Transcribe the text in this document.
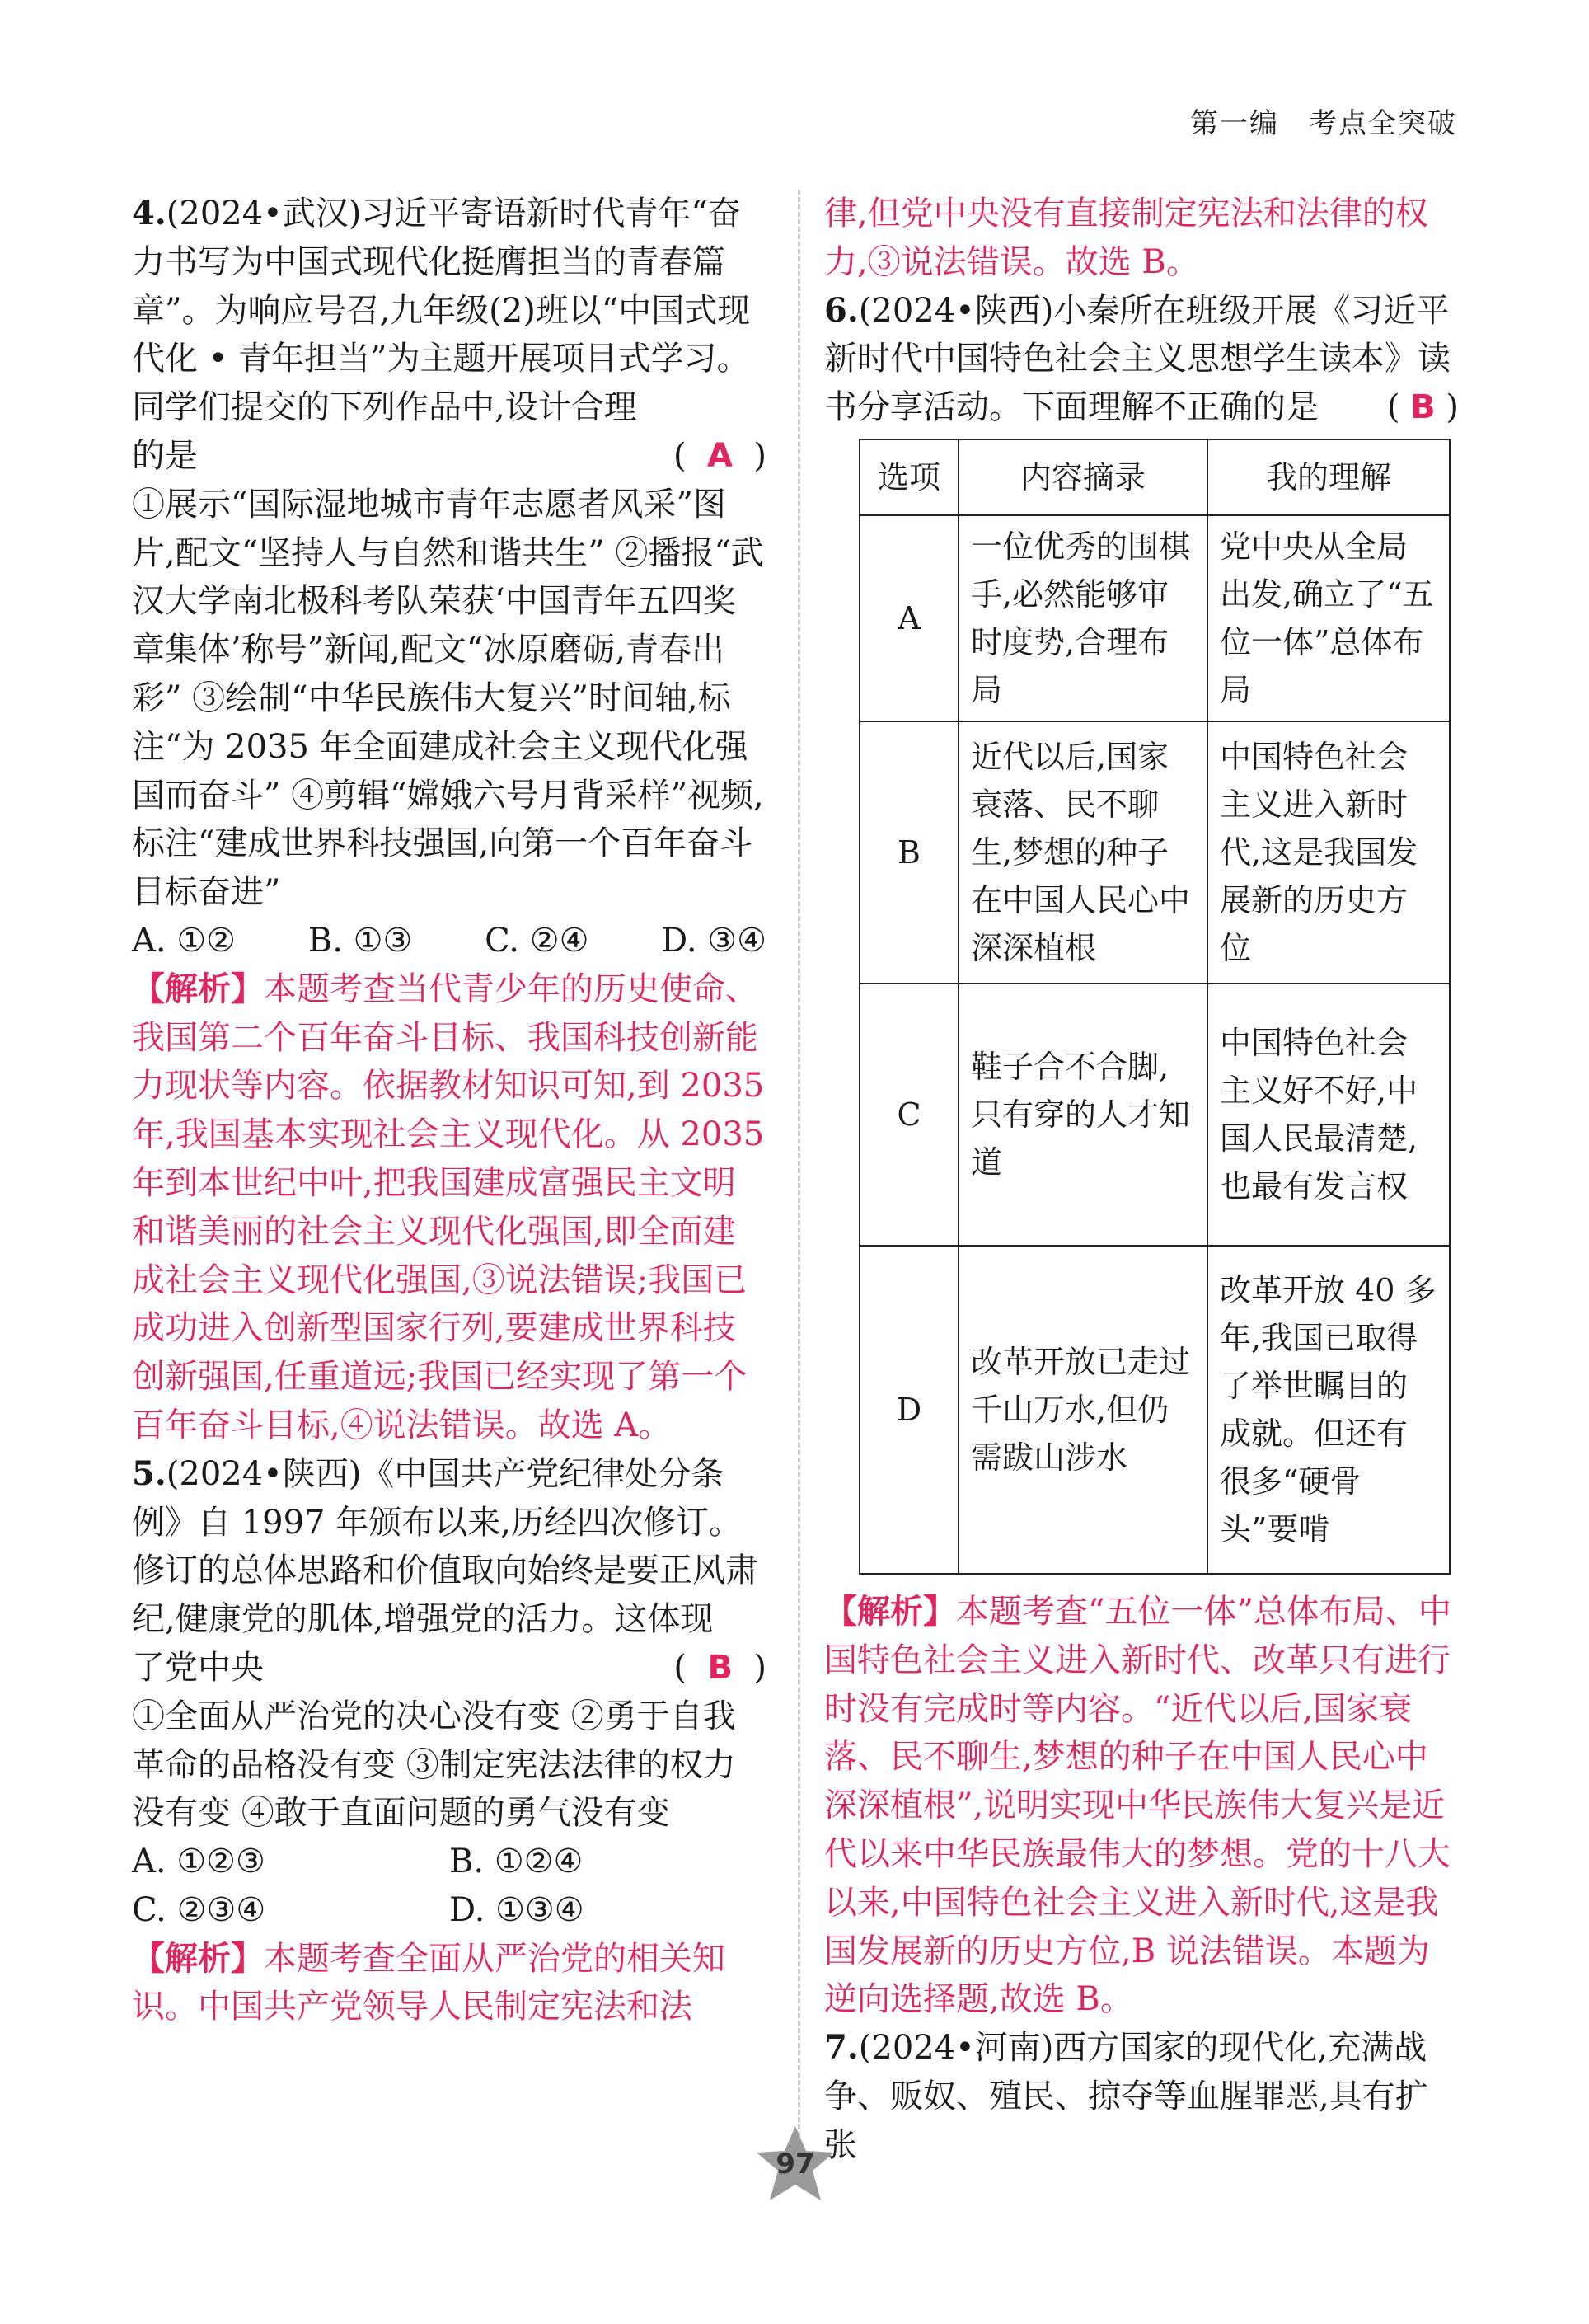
第一编 考点全突破
4.(2024•武汉)习近平寄语新时代青年“奋力书写为中国式现代化挺膺担当的青春篇章”。为响应号召,九年级(2)班以“中国式现代化 • 青年担当”为主题开展项目式学习。同学们提交的下列作品中,设计合理
的是	( A )
①展示“国际湿地城市青年志愿者风采”图片,配文“坚持人与自然和谐共生” ②播报“武汉大学南北极科考队荣获‘中国青年五四奖章集体’称号”新闻,配文“冰原磨砺,青春出彩” ③绘制“中华民族伟大复兴”时间轴,标注“为 2035 年全面建成社会主义现代化强国而奋斗” ④剪辑“嫦娥六号月背采样”视频,标注“建成世界科技强国,向第一个百年奋斗目标奋进”
A. ①② B. ①③ C. ②④ D. ③④

【解析】本题考查当代青少年的历史使命、我国第二个百年奋斗目标、我国科技创新能力现状等内容。依据教材知识可知,到 2035 年,我国基本实现社会主义现代化。从 2035 年到本世纪中叶,把我国建成富强民主文明和谐美丽的社会主义现代化强国,即全面建成社会主义现代化强国,③说法错误;我国已成功进入创新型国家行列,要建成世界科技创新强国,任重道远;我国已经实现了第一个百年奋斗目标,④说法错误。故选 A。

5.(2024•陕西)《中国共产党纪律处分条例》自 1997 年颁布以来,历经四次修订。修订的总体思路和价值取向始终是要正风肃纪,健康党的肌体,增强党的活力。这体现
了党中央	( B )
①全面从严治党的决心没有变 ②勇于自我革命的品格没有变 ③制定宪法法律的权力没有变 ④敢于直面问题的勇气没有变
A. ①②③	B. ①②④
C. ②③④	D. ①③④

【解析】本题考查全面从严治党的相关知识。中国共产党领导人民制定宪法和法

律,但党中央没有直接制定宪法和法律的权力,③说法错误。故选 B。

6.(2024•陕西)小秦所在班级开展《习近平新时代中国特色社会主义思想学生读本》读
书分享活动。下面理解不正确的是 ( B )
选项	内容摘录	我的理解
A	一位优秀的围棋手,必然能够审时度势,合理布局	党中央从全局出发,确立了“五位一体”总体布局
B	近代以后,国家衰落、民不聊生,梦想的种子在中国人民心中深深植根	中国特色社会主义进入新时代,这是我国发展新的历史方位
C	鞋子合不合脚,只有穿的人才知道	中国特色社会主义好不好,中国人民最清楚,也最有发言权
D	改革开放已走过千山万水,但仍需跋山涉水	改革开放 40 多年,我国已取得了举世瞩目的成就。但还有很多“硬骨头”要啃

【解析】本题考查“五位一体”总体布局、中国特色社会主义进入新时代、改革只有进行时没有完成时等内容。“近代以后,国家衰落、民不聊生,梦想的种子在中国人民心中深深植根”,说明实现中华民族伟大复兴是近代以来中华民族最伟大的梦想。党的十八大以来,中国特色社会主义进入新时代,这是我国发展新的历史方位,B 说法错误。本题为逆向选择题,故选 B。

7.(2024•河南)西方国家的现代化,充满战争、贩奴、殖民、掠夺等血腥罪恶,具有扩张
97
